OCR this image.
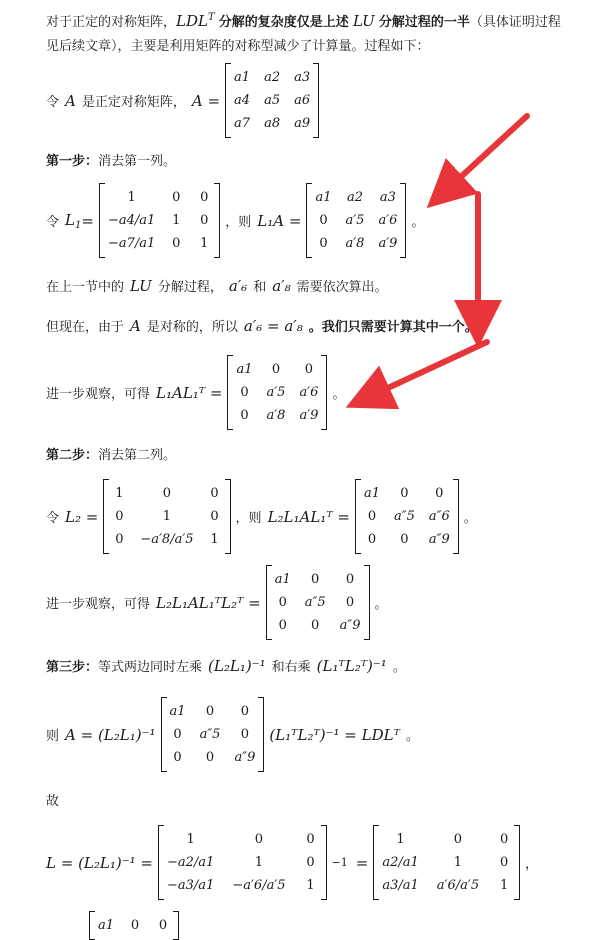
对于正定的对称矩阵，$LDL^T$ 分解的复杂度仅是上述 LU 分解过程的一半（具体证明过程见后续文章），主要是利用矩阵的对称型减少了计算量。过程如下：
令 A 是正定对称矩阵， A =
a1 a2 a3
a4 a5 a6
a7 a8 a9
第一步： 消去第一列。
令 $L_1$ =
1	0 0
−a4/a1 1 0
−a7/a1 0 1
，则 L₁A =
a1 a2 a3
0 a′5 a′6
0 a′8 a′9
。
在上一节中的 LU 分解过程， a′₆ 和 a′₈ 需要依次算出。
但现在，由于 A 是对称的，所以 a′₆ = a′₈ 。我们只需要计算其中一个。
进一步观察，可得 L₁AL₁ᵀ =
a1	0	0
0 a′5 a′6
0 a′8 a′9
。
第二步： 消去第二列。
令 L₂ =
1	0	0
0	1	0
0 −a′8/a′5 1
，则 L₂L₁AL₁ᵀ =
a1	0	0
0 a″5 a″6
0	0	a″9
。
进一步观察，可得 L₂L₁AL₁ᵀL₂ᵀ =
a1	0	0
0 a″5	0
0	0	a″9
。
第三步： 等式两边同时左乘 (L₂L₁)⁻¹ 和右乘 (L₁ᵀL₂ᵀ)⁻¹ 。
则 A = (L₂L₁)⁻¹
a1	0	0
0 a″5	0
0	0	a″9
(L₁ᵀL₂ᵀ)⁻¹ = LDLᵀ 。
故
L = (L₂L₁)⁻¹ =
1	0	0
−a2/a1	1	0
−a3/a1 −a′6/a′5 1
−1 =
1	0	0
a2/a1	1	0
a3/a1 a′6/a′5 1
，
a1 0 0
